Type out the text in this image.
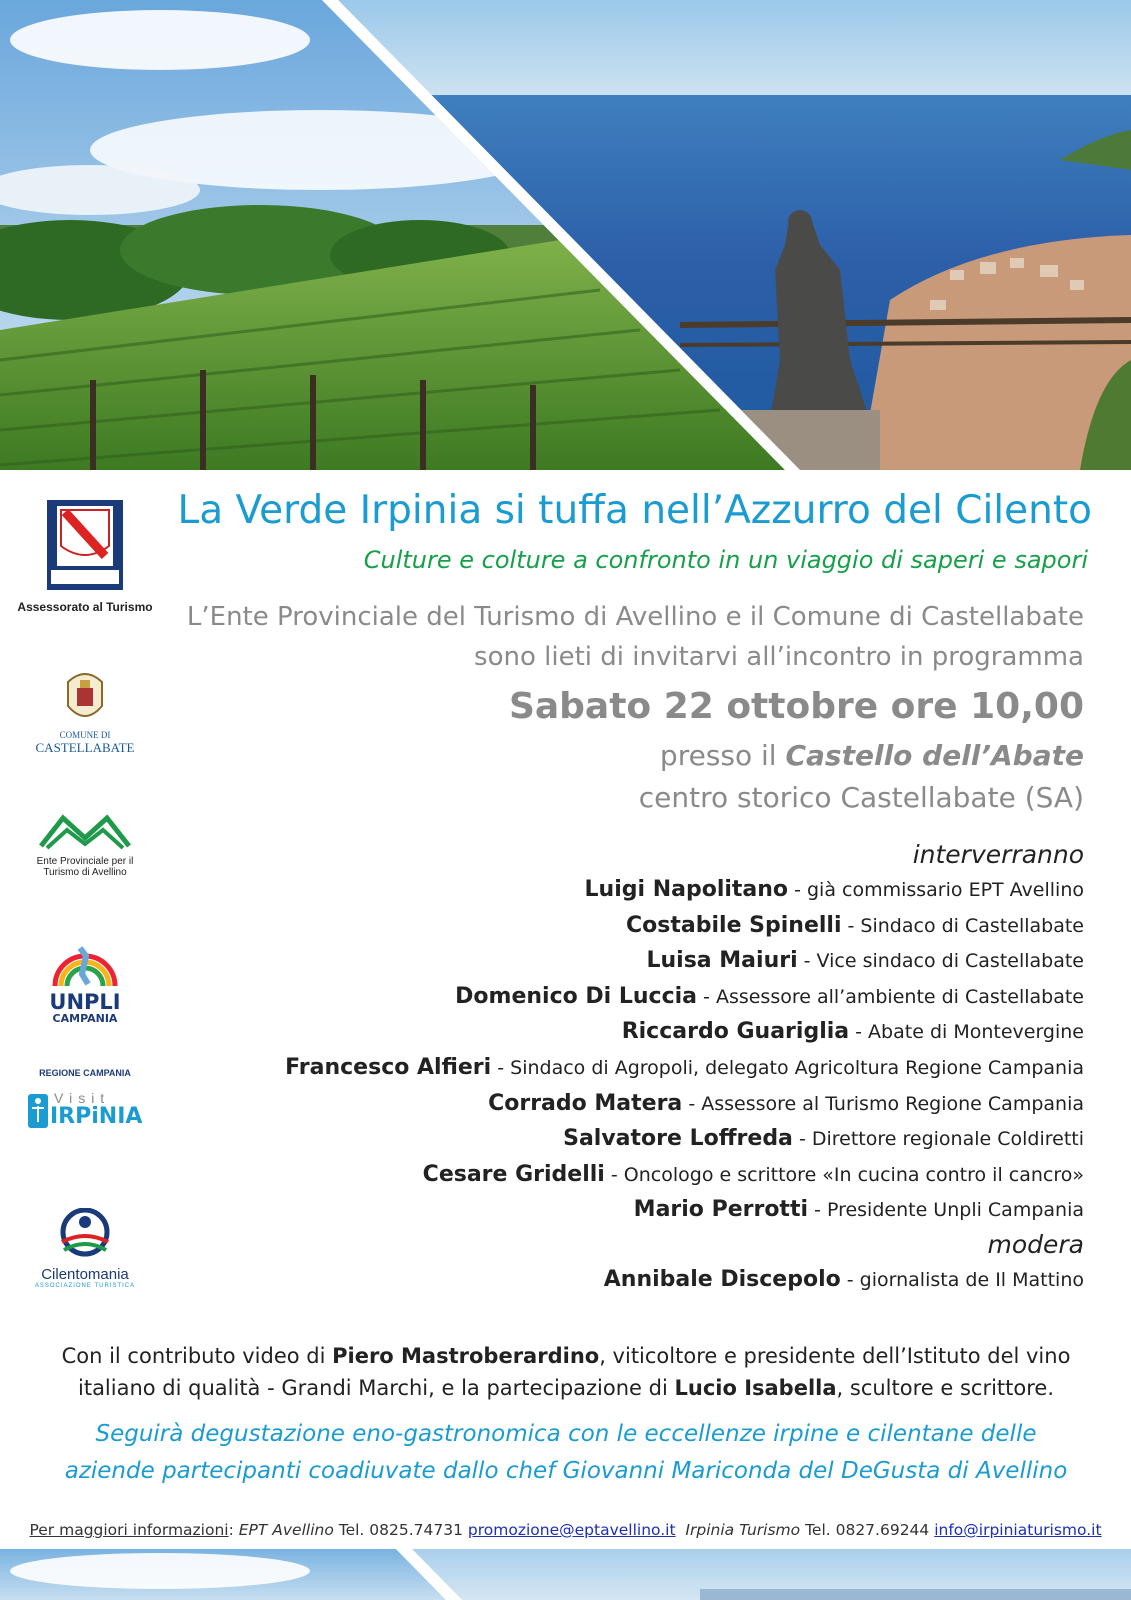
REGIONE CAMPANIA
Assessorato al Turismo
COMUNE DI
CASTELLABATE
Ente Provinciale per il
Turismo di Avellino
UNPLI
CAMPANIA
Visit
IRPiNIA
Cilentomania
ASSOCIAZIONE TURISTICA
La Verde Irpinia si tuffa nell’Azzurro del Cilento
Culture e colture a confronto in un viaggio di saperi e sapori
L’Ente Provinciale del Turismo di Avellino e il Comune di Castellabate
sono lieti di invitarvi all’incontro in programma
Sabato 22 ottobre ore 10,00
presso il Castello dell’Abate
centro storico Castellabate (SA)
interverranno
Luigi Napolitano - già commissario EPT Avellino
Costabile Spinelli - Sindaco di Castellabate
Luisa Maiuri - Vice sindaco di Castellabate
Domenico Di Luccia - Assessore all’ambiente di Castellabate
Riccardo Guariglia - Abate di Montevergine
Francesco Alfieri - Sindaco di Agropoli, delegato Agricoltura Regione Campania
Corrado Matera - Assessore al Turismo Regione Campania
Salvatore Loffreda - Direttore regionale Coldiretti
Cesare Gridelli - Oncologo e scrittore «In cucina contro il cancro»
Mario Perrotti - Presidente Unpli Campania
modera
Annibale Discepolo - giornalista de Il Mattino
Con il contributo video di Piero Mastroberardino, viticoltore e presidente dell’Istituto del vino italiano di qualità - Grandi Marchi, e la partecipazione di Lucio Isabella, scultore e scrittore.
Seguirà degustazione eno-gastronomica con le eccellenze irpine e cilentane delle
aziende partecipanti coadiuvate dallo chef Giovanni Mariconda del DeGusta di Avellino
Per maggiori informazioni: EPT Avellino Tel. 0825.74731 promozione@eptavellino.it Irpinia Turismo Tel. 0827.69244 info@irpiniaturismo.it
